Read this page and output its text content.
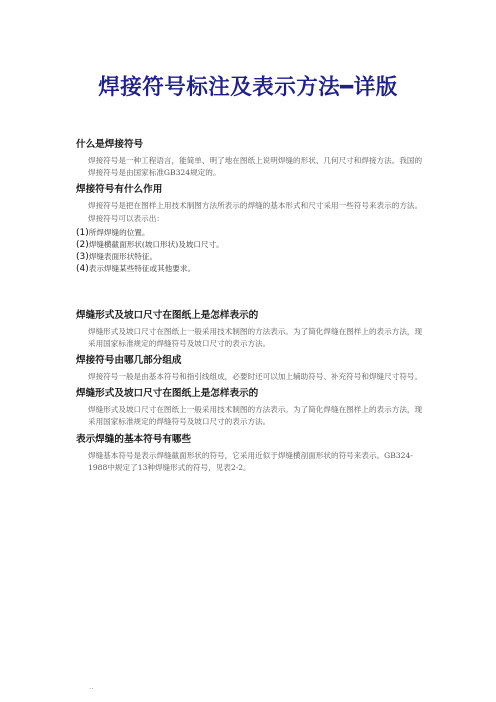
焊接符号标注及表示方法━详版
什么是焊接符号
焊接符号是一种工程语言，能简单、明了地在图纸上说明焊缝的形状、几何尺寸和焊接方法。我国的焊接符号是由国家标准GB324规定的。
焊接符号有什么作用
焊接符号是把在图样上用技术制图方法所表示的焊缝的基本形式和尺寸采用一些符号来表示的方法。焊接符号可以表示出：
(1)所焊焊缝的位置。
(2)焊缝横截面形状(坡口形状)及坡口尺寸。
(3)焊缝表面形状特征。
(4)表示焊缝某些特征或其他要求。
焊缝形式及坡口尺寸在图纸上是怎样表示的
焊缝形式及坡口尺寸在图纸上一般采用技术制图的方法表示。为了简化焊缝在图样上的表示方法，现采用国家标准规定的焊缝符号及坡口尺寸的表示方法。
焊接符号由哪几部分组成
焊接符号一般是由基本符号和指引线组成，必要时还可以加上辅助符号、补充符号和焊缝尺寸符号。
焊缝形式及坡口尺寸在图纸上是怎样表示的
焊缝形式及坡口尺寸在图纸上一般采用技术制图的方法表示。为了简化焊缝在图样上的表示方法，现采用国家标准规定的焊缝符号及坡口尺寸的表示方法。
表示焊缝的基本符号有哪些
焊缝基本符号是表示焊缝截面形状的符号，它采用近似于焊缝横剖面形状的符号来表示。GB324-1988中规定了13种焊缝形式的符号，见表2-2。
..
